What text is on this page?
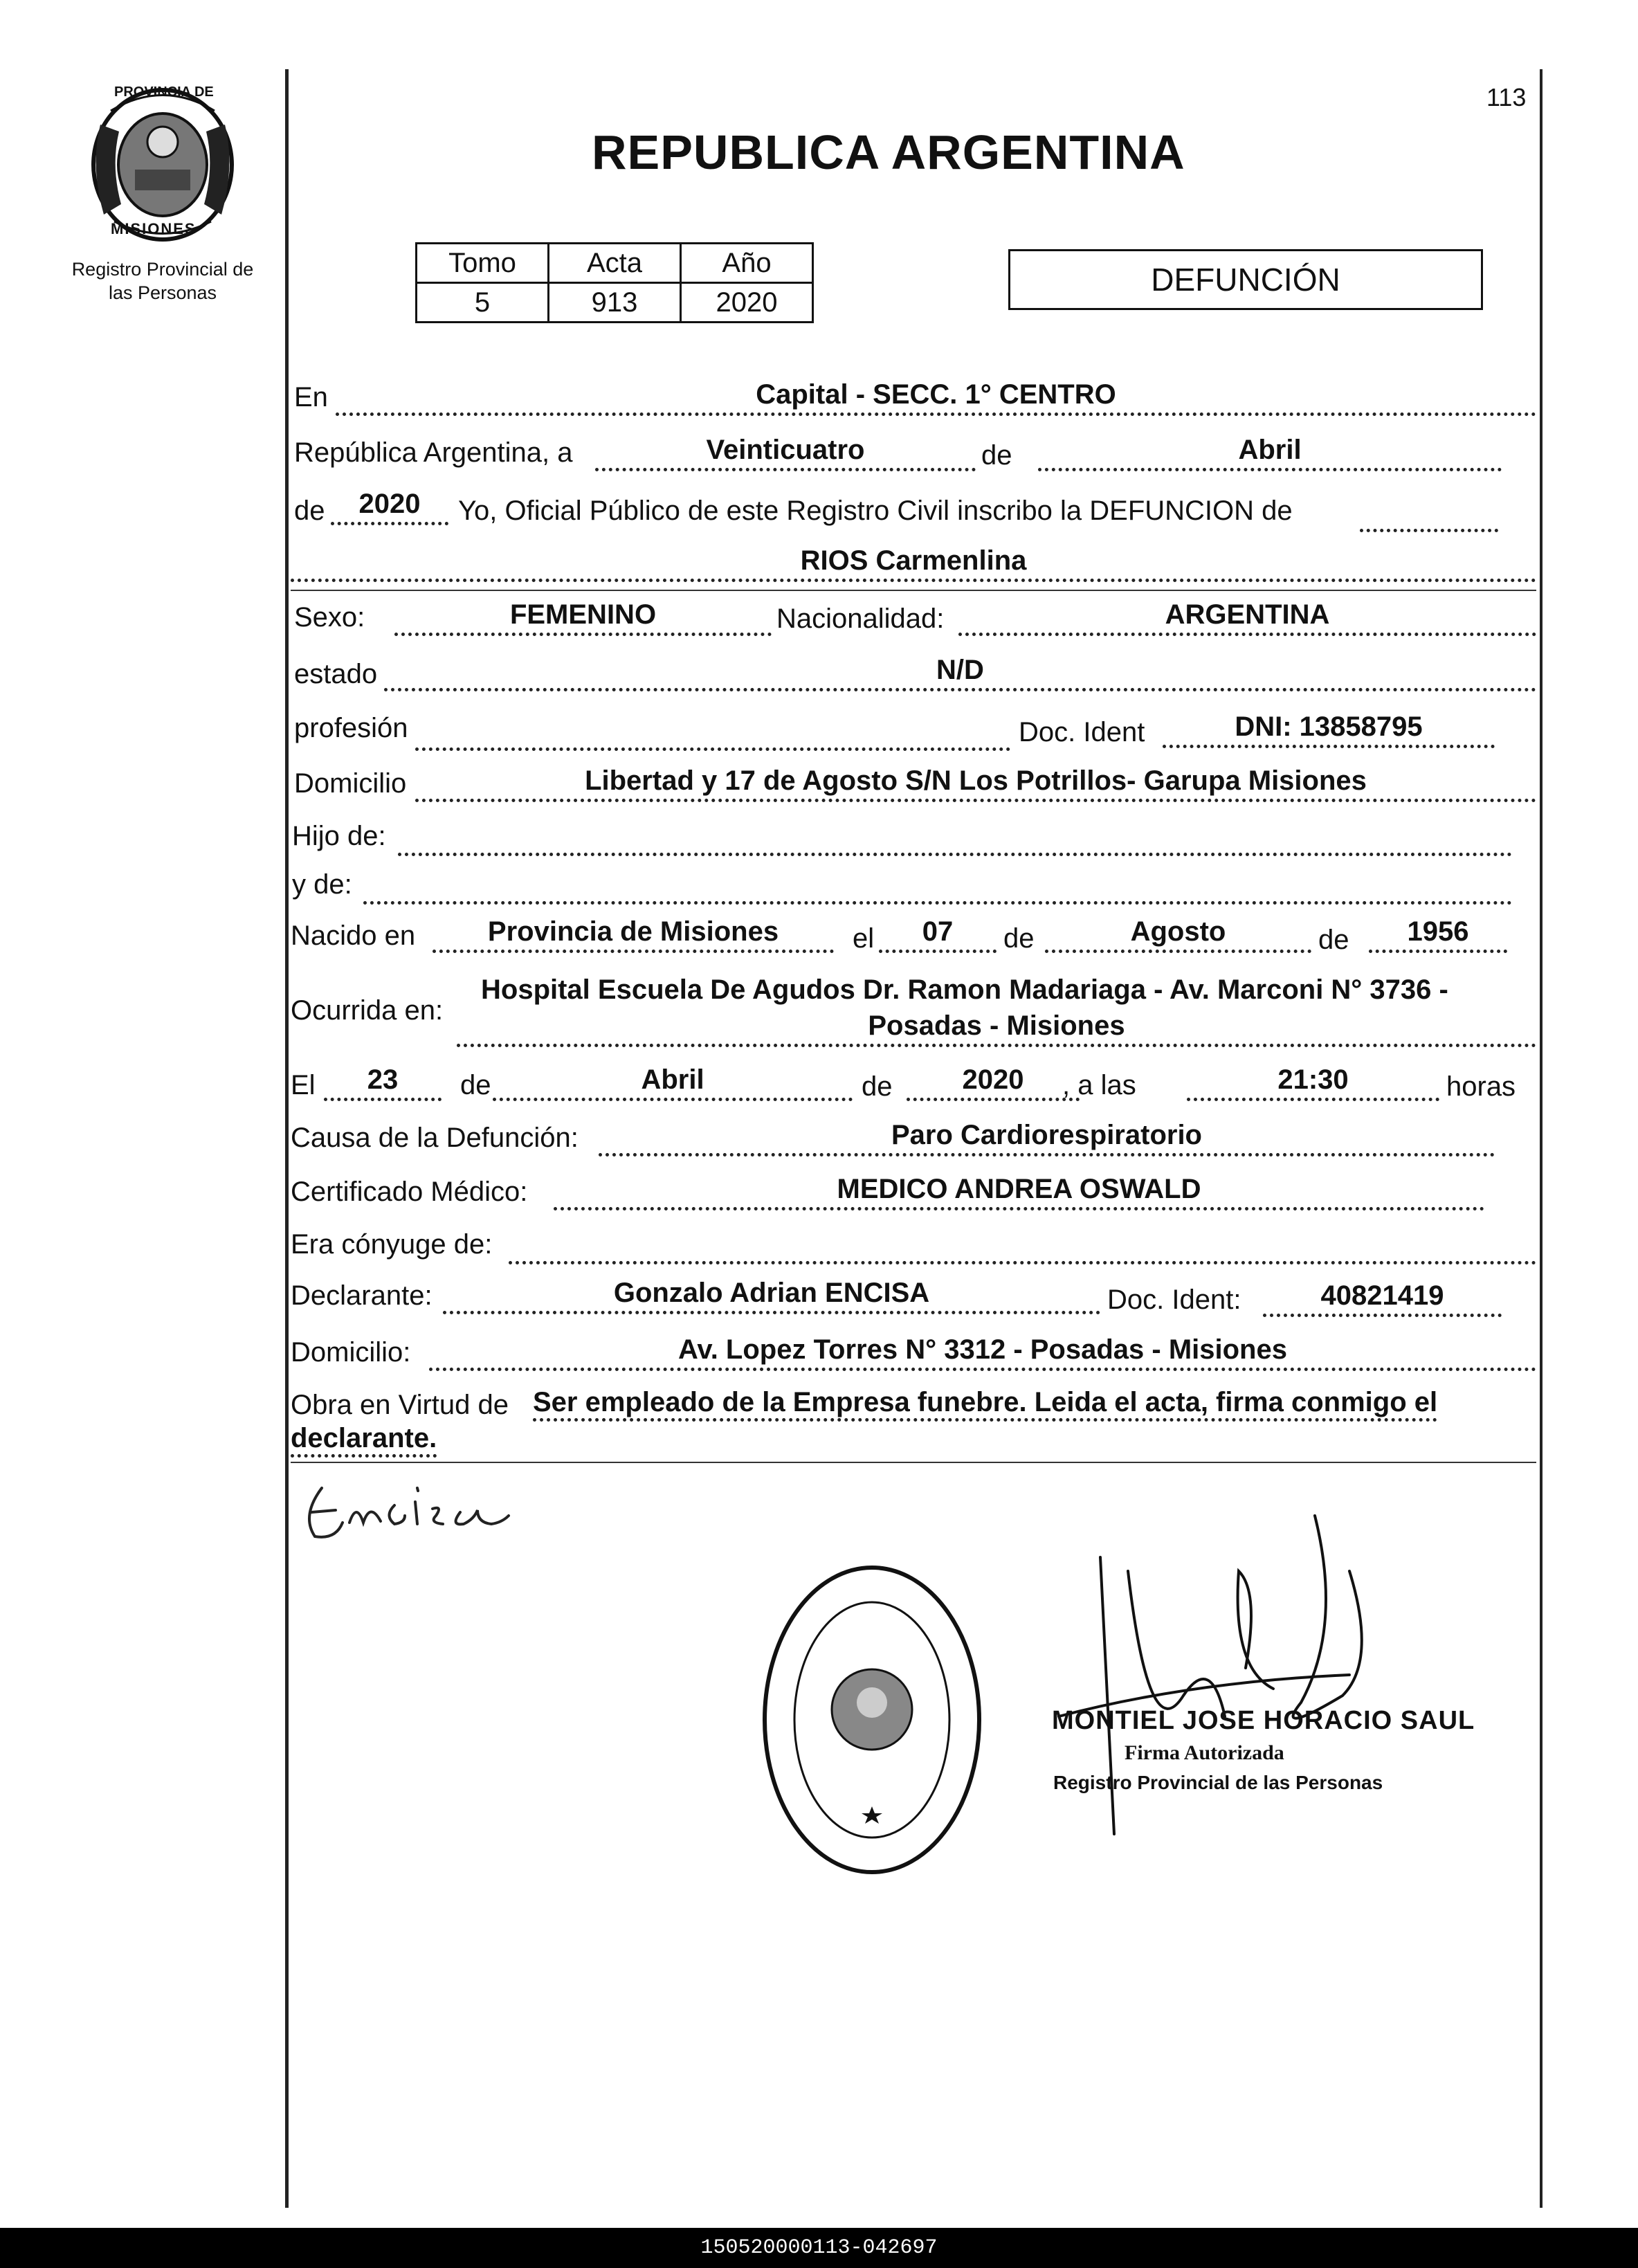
PROVINCIA DE
MISIONES
Registro Provincial de
las Personas
113
REPUBLICA ARGENTINA
Tomo	Acta	Año
5	913	2020
DEFUNCIÓN
En	Capital - SECC. 1° CENTRO
República Argentina, a	Veinticuatro	de	Abril
de	2020	Yo, Oficial Público de este Registro Civil inscribo la DEFUNCION de
RIOS Carmenlina
Sexo:	FEMENINO	Nacionalidad:	ARGENTINA
estado	N/D
profesión	Doc. Ident	DNI: 13858795
Domicilio	Libertad y 17 de Agosto S/N Los Potrillos- Garupa Misiones
Hijo de:
y de:
Nacido en	Provincia de Misiones	el	07	de	Agosto	de	1956
Ocurrida en:
Hospital Escuela De Agudos Dr. Ramon Madariaga - Av. Marconi N° 3736 -
Posadas - Misiones
El	23	de	Abril	de	2020	, a las	21:30	horas
Causa de la Defunción:	Paro Cardiorespiratorio
Certificado Médico:	MEDICO ANDREA OSWALD
Era cónyuge de:
Declarante:	Gonzalo Adrian ENCISA	Doc. Ident:	40821419
Domicilio:	Av. Lopez Torres N° 3312 - Posadas - Misiones
Obra en Virtud de Ser empleado de la Empresa funebre. Leida el acta, firma conmigo el
declarante.
MONTIEL JOSE HORACIO SAUL
Firma Autorizada
Registro Provincial de las Personas
150520000113-042697
